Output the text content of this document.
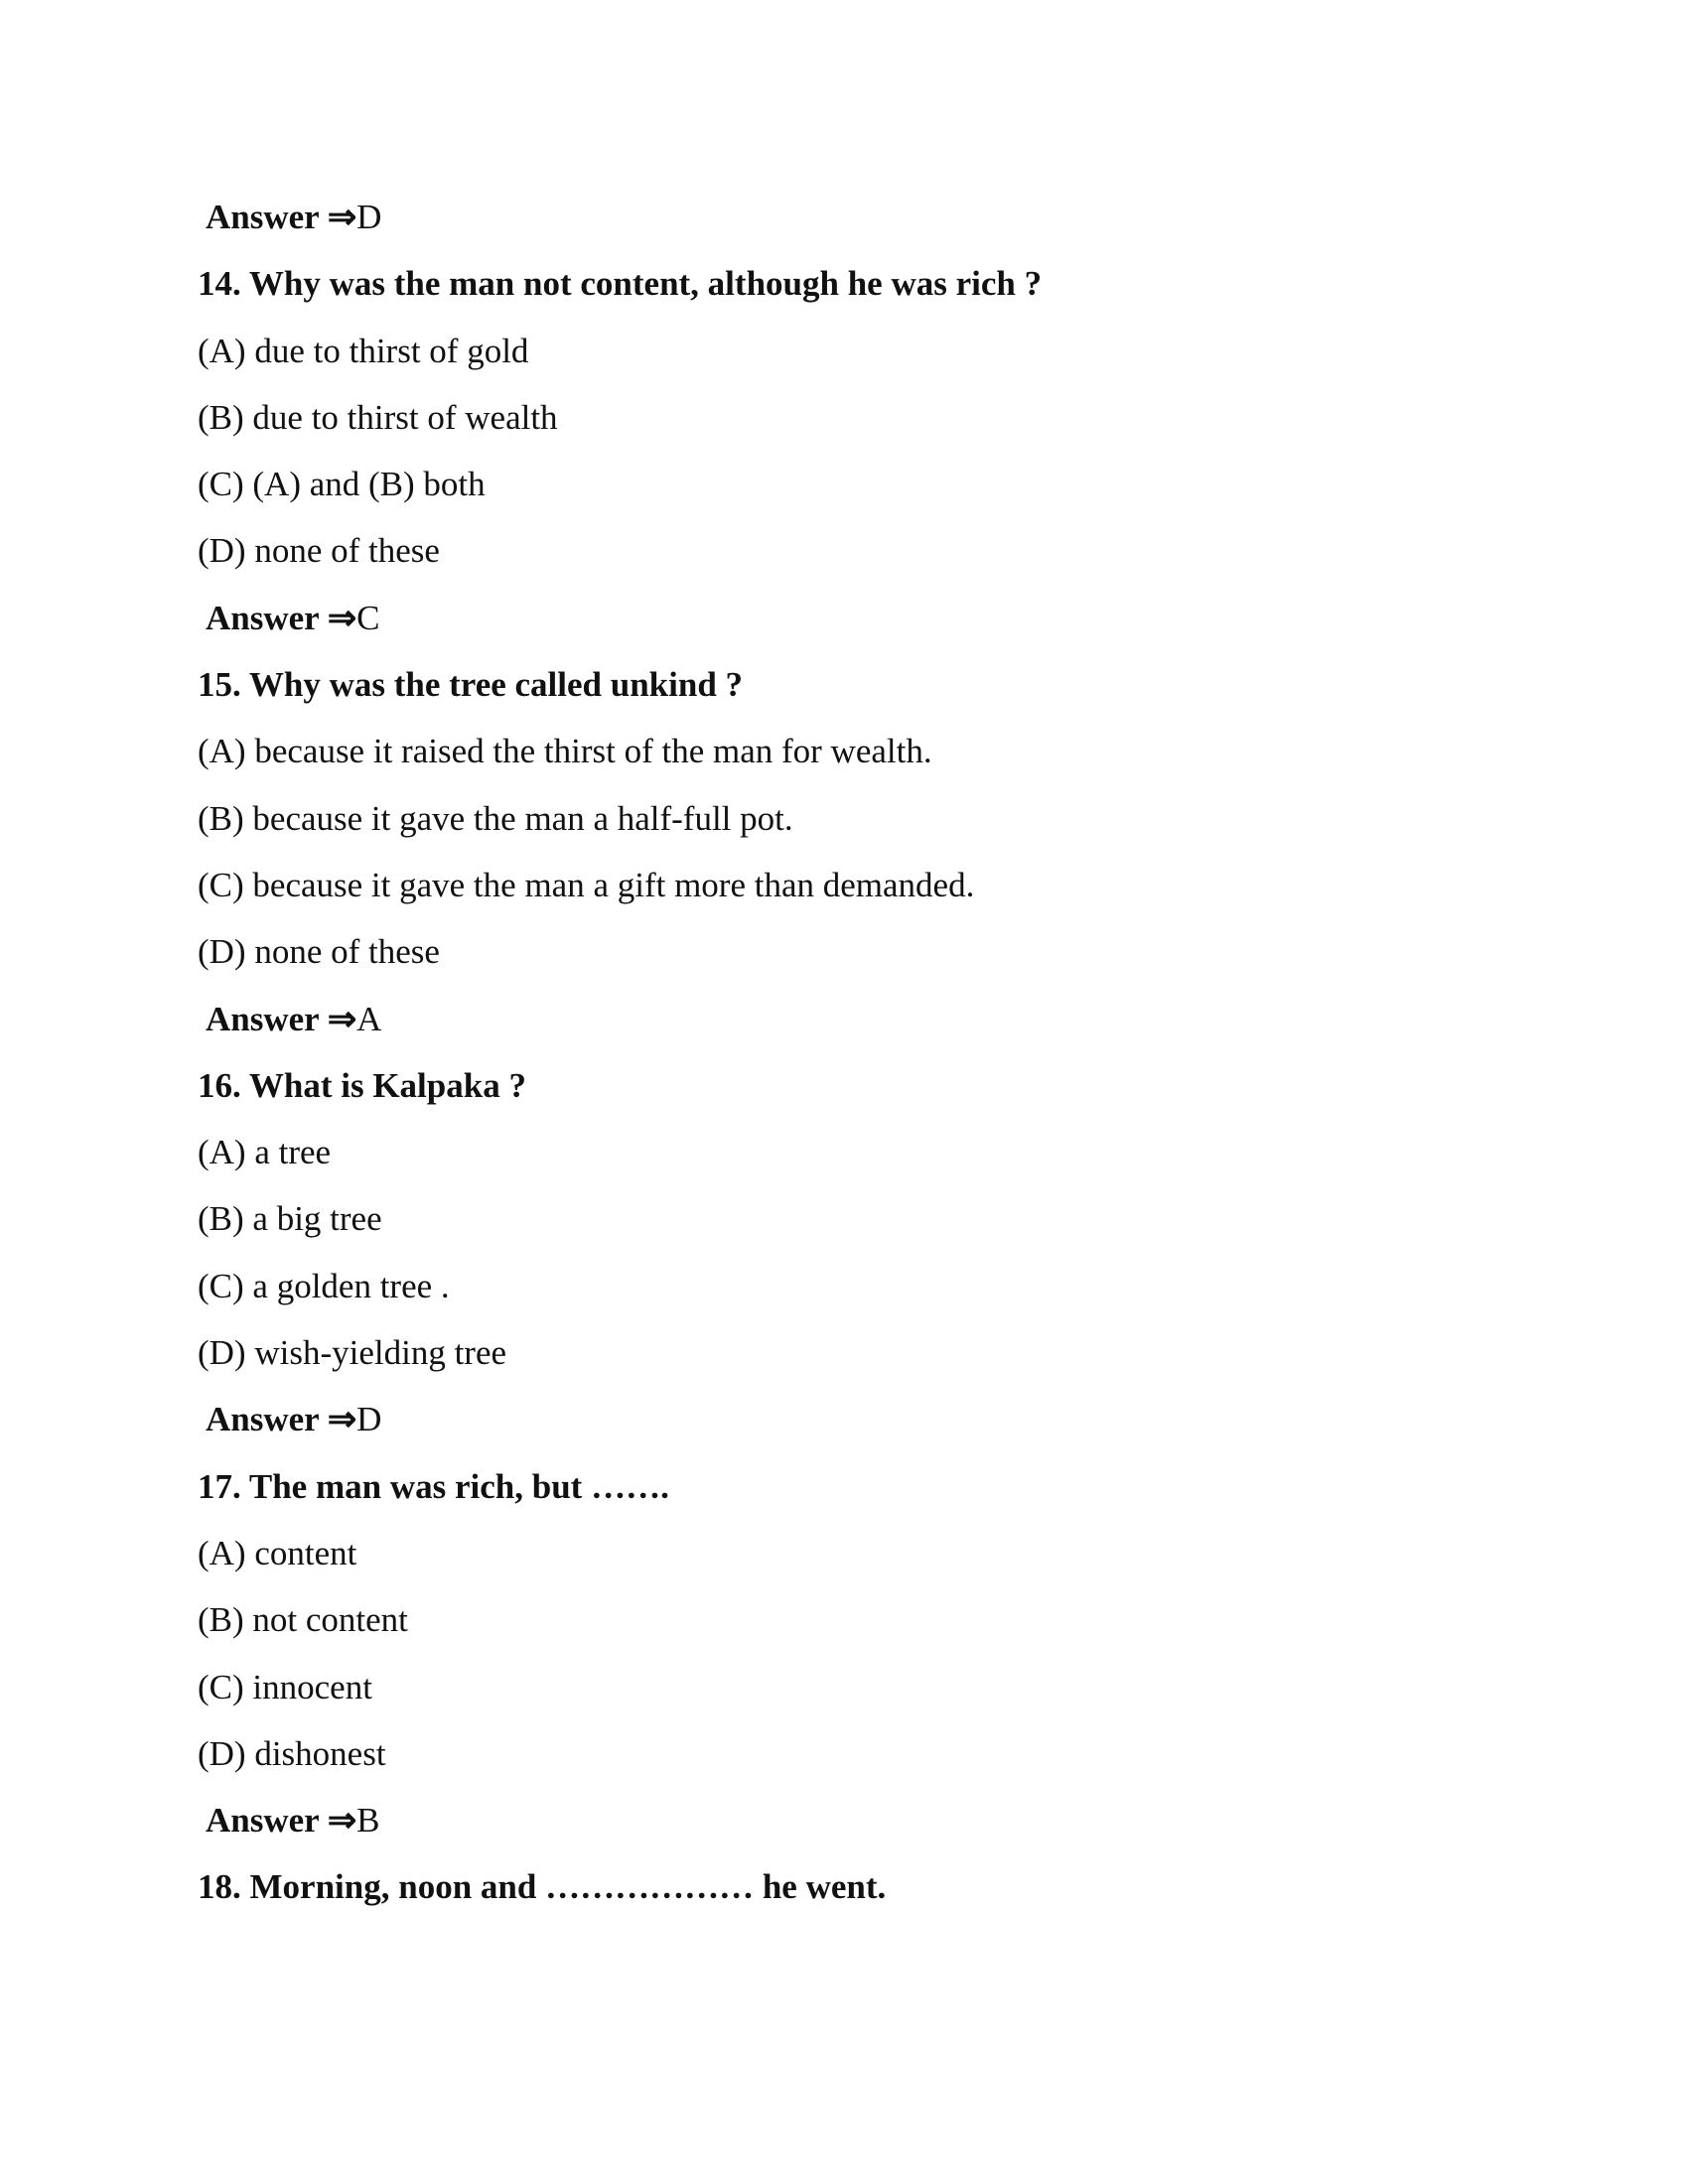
Answer ⇒D
14. Why was the man not content, although he was rich ?
(A) due to thirst of gold
(B) due to thirst of wealth
(C) (A) and (B) both
(D) none of these
Answer ⇒C
15. Why was the tree called unkind ?
(A) because it raised the thirst of the man for wealth.
(B) because it gave the man a half-full pot.
(C) because it gave the man a gift more than demanded.
(D) none of these
Answer ⇒A
16. What is Kalpaka ?
(A) a tree
(B) a big tree
(C) a golden tree .
(D) wish-yielding tree
Answer ⇒D
17. The man was rich, but …….
(A) content
(B) not content
(C) innocent
(D) dishonest
Answer ⇒B
18. Morning, noon and ……………… he went.
